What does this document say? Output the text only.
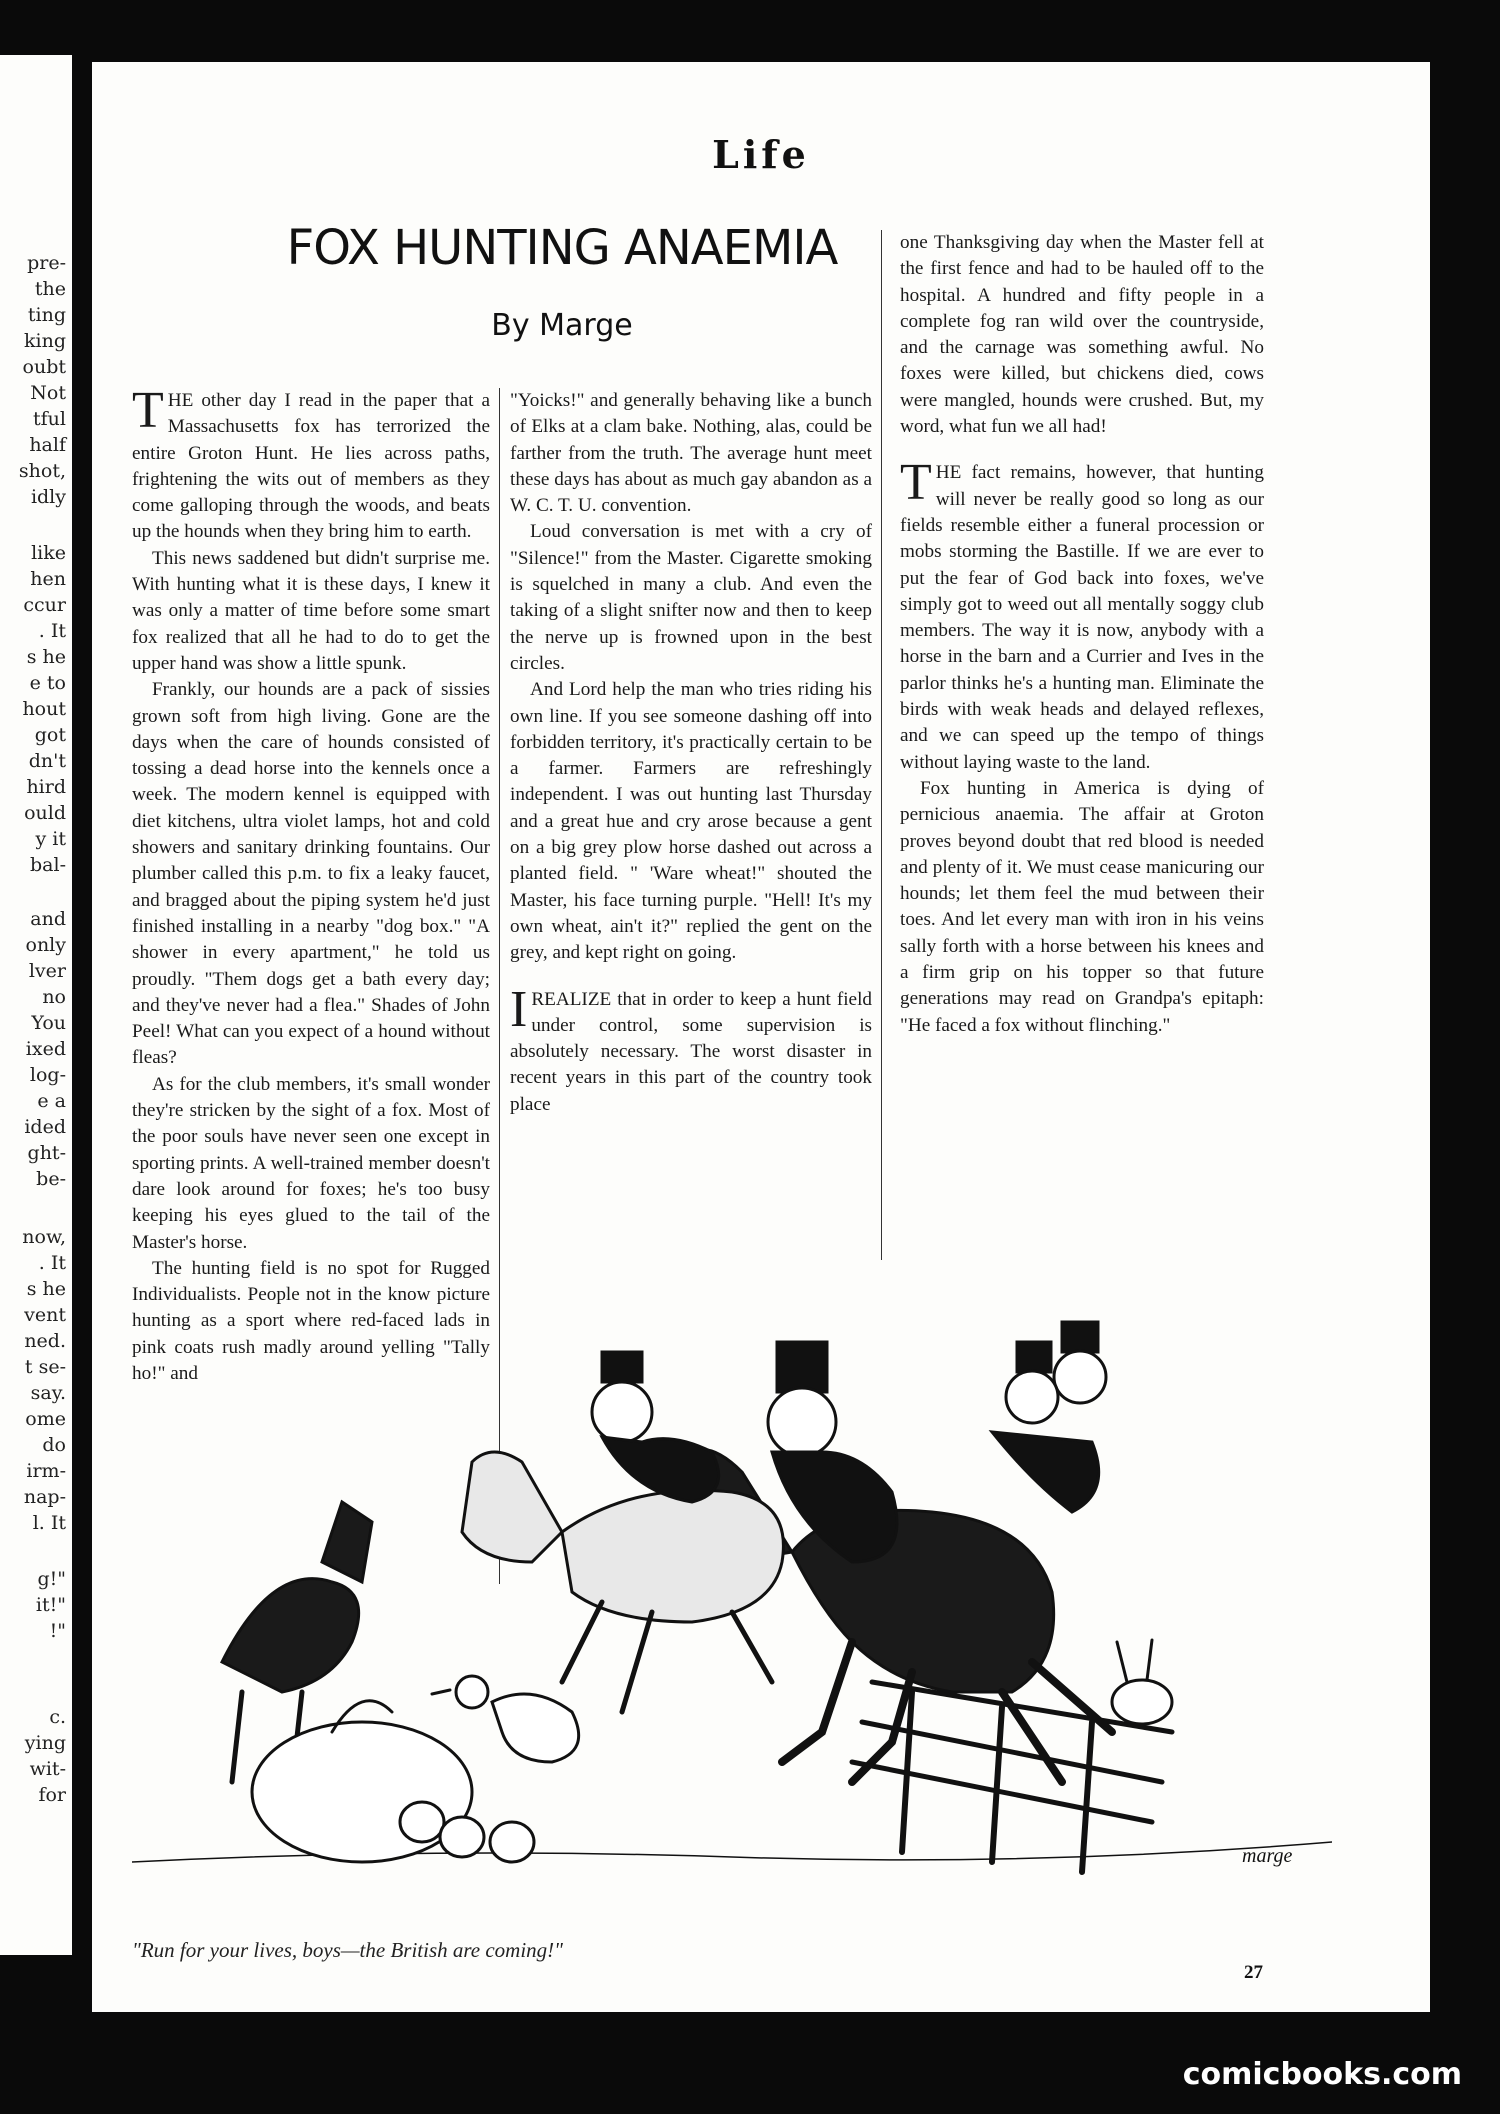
pre-
the
ting
king
oubt
Not
tful
half
shot,
idly
like
hen
ccur
. It
s he
e to
hout
got
dn't
hird
ould
y it
bal-
and
only
lver
no
You
ixed
log-
e a
ided
ght-
be-
now,
. It
s he
vent
ned.
t se-
say.
ome
do
irm-
nap-
l. It
g!"
it!"
!"
c.
ying
wit-
for
Life
FOX HUNTING ANAEMIA
By Marge

THE other day I read in the paper that a Massachusetts fox has terrorized the entire Groton Hunt. He lies across paths, frightening the wits out of members as they come galloping through the woods, and beats up the hounds when they bring him to earth.

This news saddened but didn't surprise me. With hunting what it is these days, I knew it was only a matter of time before some smart fox realized that all he had to do to get the upper hand was show a little spunk.

Frankly, our hounds are a pack of sissies grown soft from high living. Gone are the days when the care of hounds consisted of tossing a dead horse into the kennels once a week. The modern kennel is equipped with diet kitchens, ultra violet lamps, hot and cold showers and sanitary drinking fountains. Our plumber called this p.m. to fix a leaky faucet, and bragged about the piping system he'd just finished installing in a nearby "dog box." "A shower in every apartment," he told us proudly. "Them dogs get a bath every day; and they've never had a flea." Shades of John Peel! What can you expect of a hound without fleas?

As for the club members, it's small wonder they're stricken by the sight of a fox. Most of the poor souls have never seen one except in sporting prints. A well-trained member doesn't dare look around for foxes; he's too busy keeping his eyes glued to the tail of the Master's horse.

The hunting field is no spot for Rugged Individualists. People not in the know picture hunting as a sport where red-faced lads in pink coats rush madly around yelling "Tally ho!" and

"Yoicks!" and generally behaving like a bunch of Elks at a clam bake. Nothing, alas, could be farther from the truth. The average hunt meet these days has about as much gay abandon as a W. C. T. U. convention.

Loud conversation is met with a cry of "Silence!" from the Master. Cigarette smoking is squelched in many a club. And even the taking of a slight snifter now and then to keep the nerve up is frowned upon in the best circles.

And Lord help the man who tries riding his own line. If you see someone dashing off into forbidden territory, it's practically certain to be a farmer. Farmers are refreshingly independent. I was out hunting last Thursday and a great hue and cry arose because a gent on a big grey plow horse dashed out across a planted field. " 'Ware wheat!" shouted the Master, his face turning purple. "Hell! It's my own wheat, ain't it?" replied the gent on the grey, and kept right on going.

IREALIZE that in order to keep a hunt field under control, some supervision is absolutely necessary. The worst disaster in recent years in this part of the country took place

one Thanksgiving day when the Master fell at the first fence and had to be hauled off to the hospital. A hundred and fifty people in a complete fog ran wild over the countryside, and the carnage was something awful. No foxes were killed, but chickens died, cows were mangled, hounds were crushed. But, my word, what fun we all had!

THE fact remains, however, that hunting will never be really good so long as our fields resemble either a funeral procession or mobs storming the Bastille. If we are ever to put the fear of God back into foxes, we've simply got to weed out all mentally soggy club members. The way it is now, anybody with a horse in the barn and a Currier and Ives in the parlor thinks he's a hunting man. Eliminate the birds with weak heads and delayed reflexes, and we can speed up the tempo of things without laying waste to the land.

Fox hunting in America is dying of pernicious anaemia. The affair at Groton proves beyond doubt that red blood is needed and plenty of it. We must cease manicuring our hounds; let them feel the mud between their toes. And let every man with iron in his veins sally forth with a horse between his knees and a firm grip on his topper so that future generations may read on Grandpa's epitaph: "He faced a fox without flinching."

marge
"Run for your lives, boys—the British are coming!"
27
comicbooks.com
